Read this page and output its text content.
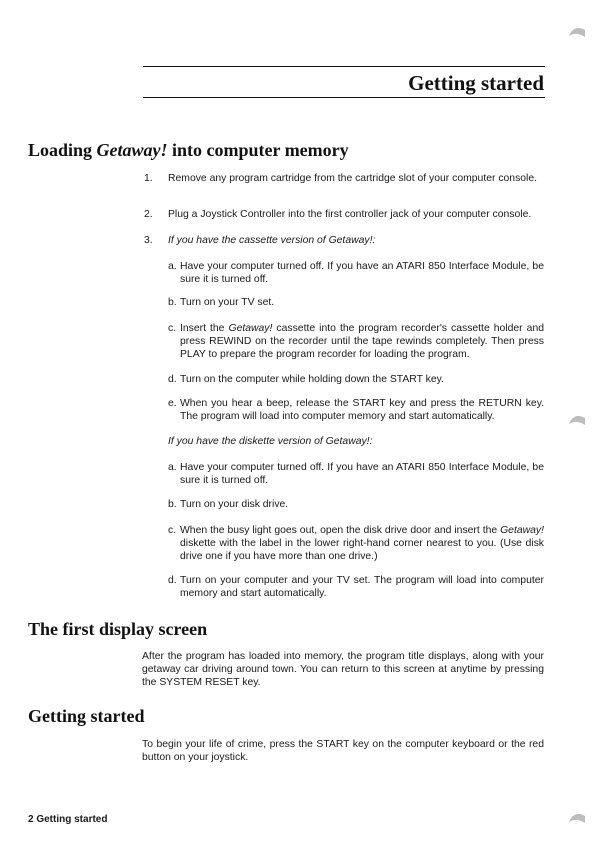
Getting started
Loading Getaway! into computer memory
1. Remove any program cartridge from the cartridge slot of your computer console.
2. Plug a Joystick Controller into the first controller jack of your computer console.
3. If you have the cassette version of Getaway!:
a. Have your computer turned off. If you have an ATARI 850 Interface Module, be sure it is turned off.
b. Turn on your TV set.
c. Insert the Getaway! cassette into the program recorder's cassette holder and press REWIND on the recorder until the tape rewinds completely. Then press PLAY to prepare the program recorder for loading the program.
d. Turn on the computer while holding down the START key.
e. When you hear a beep, release the START key and press the RETURN key. The program will load into computer memory and start automatically.
If you have the diskette version of Getaway!:
a. Have your computer turned off. If you have an ATARI 850 Interface Module, be sure it is turned off.
b. Turn on your disk drive.
c. When the busy light goes out, open the disk drive door and insert the Getaway! diskette with the label in the lower right-hand corner nearest to you. (Use disk drive one if you have more than one drive.)
d. Turn on your computer and your TV set. The program will load into computer memory and start automatically.
The first display screen
After the program has loaded into memory, the program title displays, along with your getaway car driving around town. You can return to this screen at anytime by pressing the SYSTEM RESET key.
Getting started
To begin your life of crime, press the START key on the computer keyboard or the red button on your joystick.
2 Getting started
